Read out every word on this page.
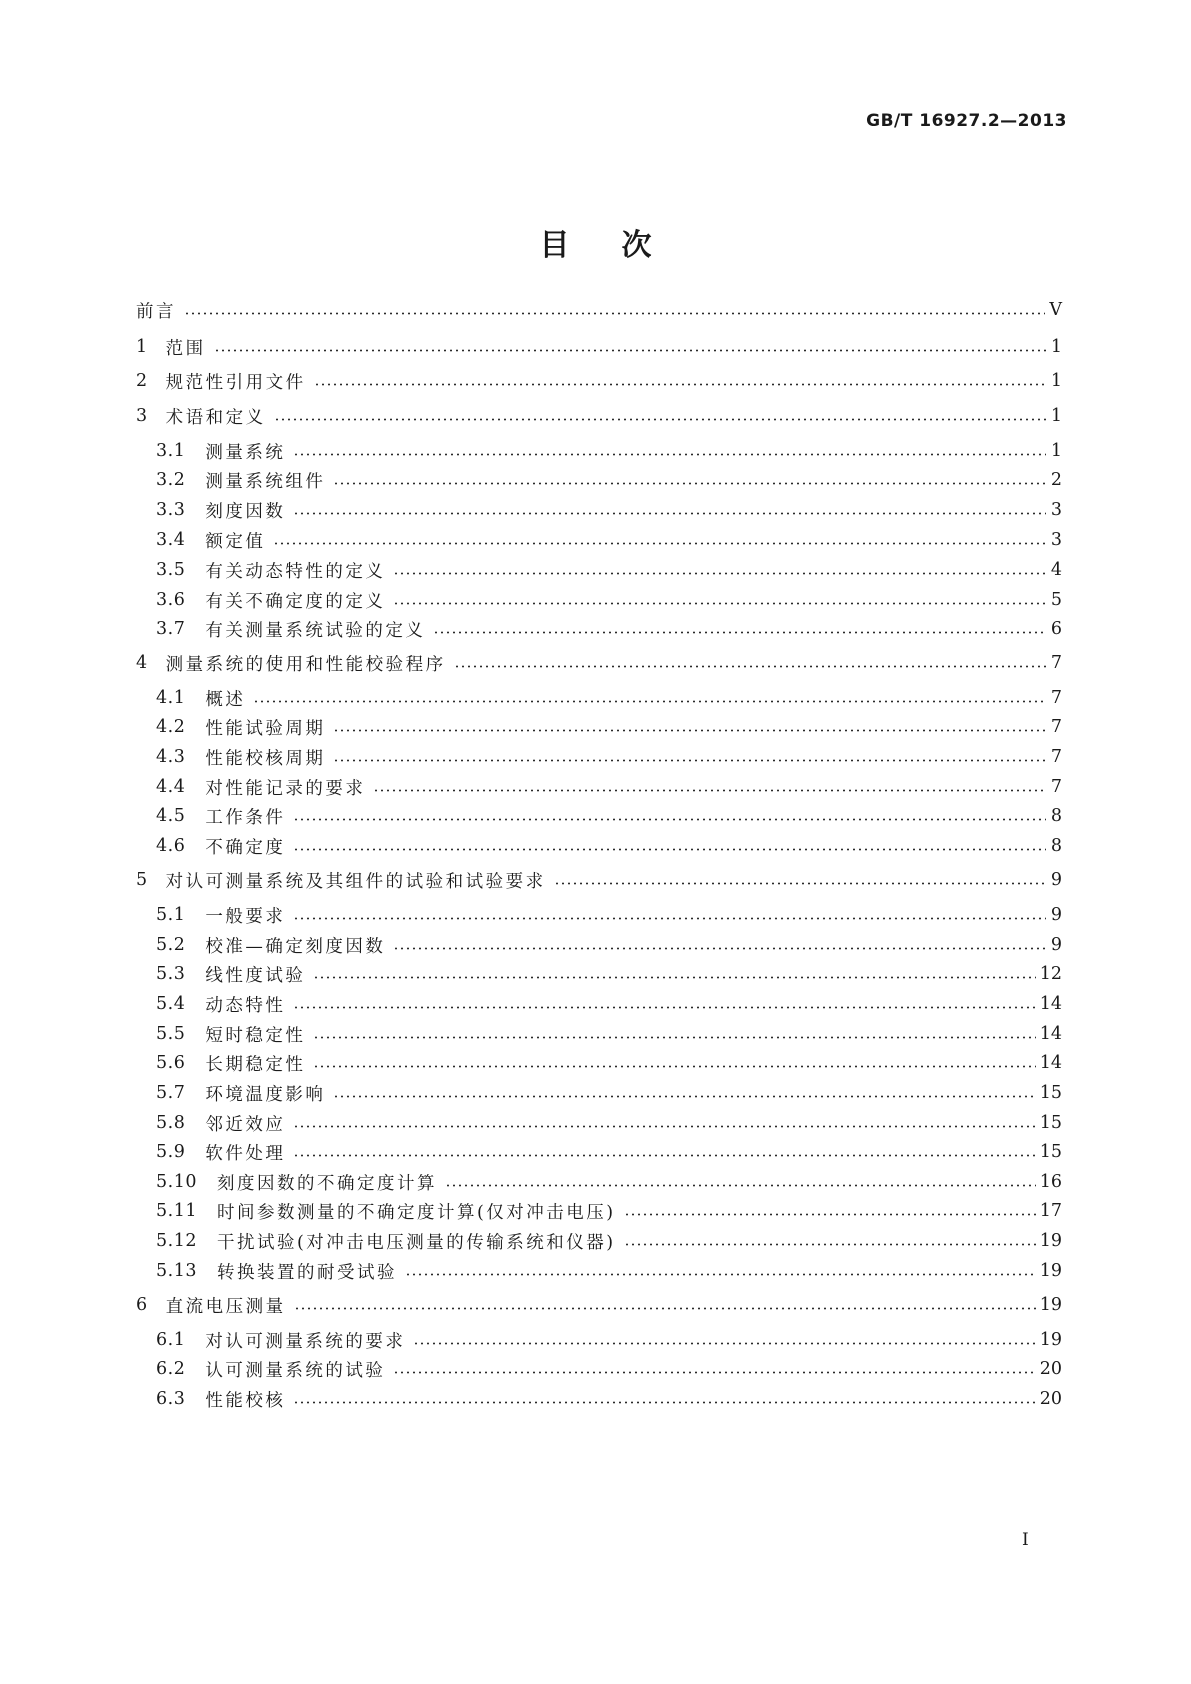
GB/T 16927.2—2013
目 次
前言	Ⅴ
1 范围	1
2 规范性引用文件	1
3 术语和定义	1
3.1 测量系统	1
3.2 测量系统组件	2
3.3 刻度因数	3
3.4 额定值	3
3.5 有关动态特性的定义	4
3.6 有关不确定度的定义	5
3.7 有关测量系统试验的定义	6
4 测量系统的使用和性能校验程序	7
4.1 概述	7
4.2 性能试验周期	7
4.3 性能校核周期	7
4.4 对性能记录的要求	7
4.5 工作条件	8
4.6 不确定度	8
5 对认可测量系统及其组件的试验和试验要求	9
5.1 一般要求	9
5.2 校准—确定刻度因数	9
5.3 线性度试验	12
5.4 动态特性	14
5.5 短时稳定性	14
5.6 长期稳定性	14
5.7 环境温度影响	15
5.8 邻近效应	15
5.9 软件处理	15
5.10 刻度因数的不确定度计算	16
5.11 时间参数测量的不确定度计算(仅对冲击电压)	17
5.12 干扰试验(对冲击电压测量的传输系统和仪器)	19
5.13 转换装置的耐受试验	19
6 直流电压测量	19
6.1 对认可测量系统的要求	19
6.2 认可测量系统的试验	20
6.3 性能校核	20
I
